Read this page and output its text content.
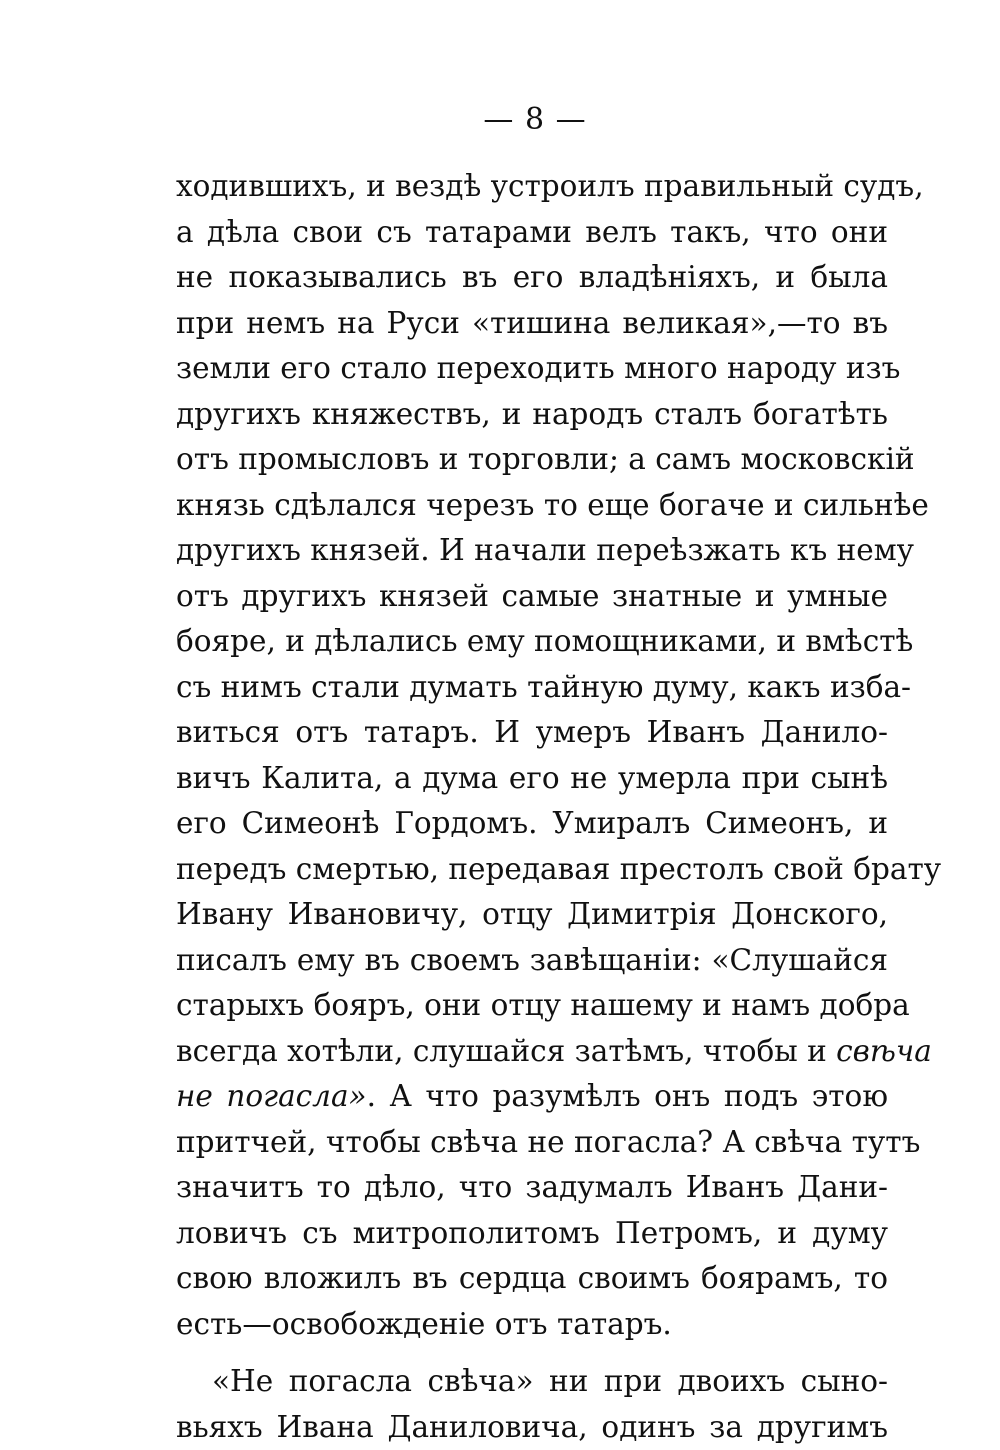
— 8 —
ходившихъ, и вездѣ устроилъ правильный судъ,
а дѣла свои съ татарами велъ такъ, что они
не показывались въ его владѣніяхъ, и была
при немъ на Руси «тишина великая»,—то въ
земли его стало переходить много народу изъ
другихъ княжествъ, и народъ сталъ богатѣть
отъ промысловъ и торговли; а самъ московскій
князь сдѣлался черезъ то еще богаче и сильнѣе
другихъ князей. И начали переѣзжать къ нему
отъ другихъ князей самые знатные и умные
бояре, и дѣлались ему помощниками, и вмѣстѣ
съ нимъ стали думать тайную думу, какъ изба-
виться отъ татаръ. И умеръ Иванъ Данило-
вичъ Калита, а дума его не умерла при сынѣ
его Симеонѣ Гордомъ. Умиралъ Симеонъ, и
передъ смертью, передавая престолъ свой брату
Ивану Ивановичу, отцу Димитрія Донского,
писалъ ему въ своемъ завѣщаніи: «Слушайся
старыхъ бояръ, они отцу нашему и намъ добра
всегда хотѣли, слушайся затѣмъ, чтобы и свѣча
не погасла». А что разумѣлъ онъ подъ этою
притчей, чтобы свѣча не погасла? А свѣча тутъ
значитъ то дѣло, что задумалъ Иванъ Дани-
ловичъ съ митрополитомъ Петромъ, и думу
свою вложилъ въ сердца своимъ боярамъ, то
есть—освобожденіе отъ татаръ.
«Не погасла свѣча» ни при двоихъ сыно-
вьяхъ Ивана Даниловича, одинъ за другимъ
